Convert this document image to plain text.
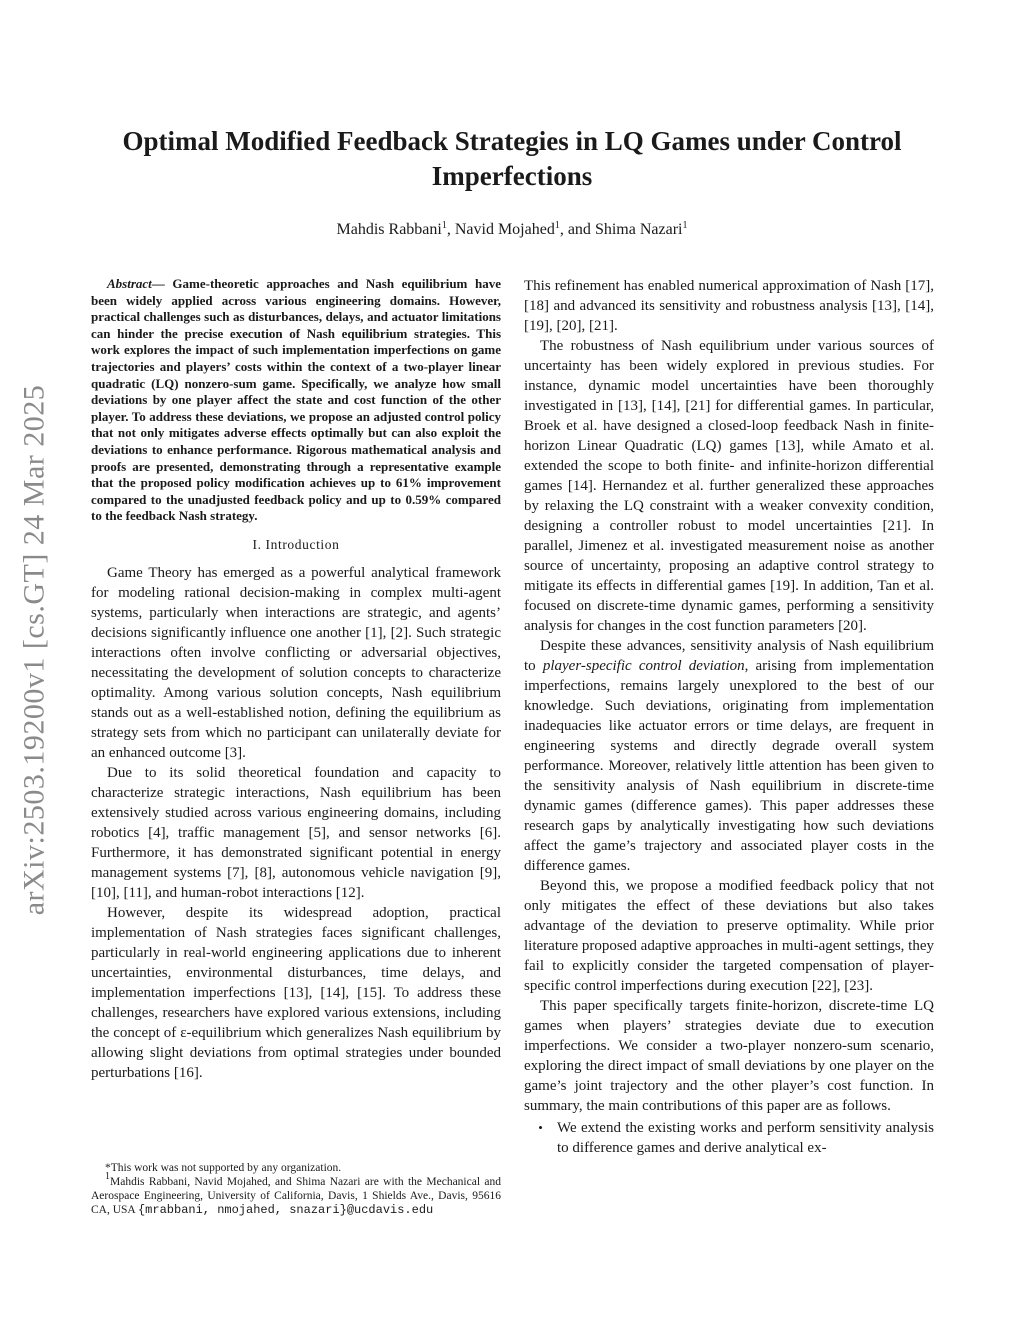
arXiv:2503.19200v1 [cs.GT] 24 Mar 2025
Optimal Modified Feedback Strategies in LQ Games under Control Imperfections
Mahdis Rabbani$^1$, Navid Mojahed$^1$, and Shima Nazari$^1$

Abstract— Game-theoretic approaches and Nash equilibrium have been widely applied across various engineering domains. However, practical challenges such as disturbances, delays, and actuator limitations can hinder the precise execution of Nash equilibrium strategies. This work explores the impact of such implementation imperfections on game trajectories and players’ costs within the context of a two-player linear quadratic (LQ) nonzero-sum game. Specifically, we analyze how small deviations by one player affect the state and cost function of the other player. To address these deviations, we propose an adjusted control policy that not only mitigates adverse effects optimally but can also exploit the deviations to enhance performance. Rigorous mathematical analysis and proofs are presented, demonstrating through a representative example that the proposed policy modification achieves up to 61% improvement compared to the unadjusted feedback policy and up to 0.59% compared to the feedback Nash strategy.

I. Introduction

Game Theory has emerged as a powerful analytical framework for modeling rational decision-making in complex multi-agent systems, particularly when interactions are strategic, and agents’ decisions significantly influence one another [1], [2]. Such strategic interactions often involve conflicting or adversarial objectives, necessitating the development of solution concepts to characterize optimality. Among various solution concepts, Nash equilibrium stands out as a well-established notion, defining the equilibrium as strategy sets from which no participant can unilaterally deviate for an enhanced outcome [3].

Due to its solid theoretical foundation and capacity to characterize strategic interactions, Nash equilibrium has been extensively studied across various engineering domains, including robotics [4], traffic management [5], and sensor networks [6]. Furthermore, it has demonstrated significant potential in energy management systems [7], [8], autonomous vehicle navigation [9], [10], [11], and human-robot interactions [12].

However, despite its widespread adoption, practical implementation of Nash strategies faces significant challenges, particularly in real-world engineering applications due to inherent uncertainties, environmental disturbances, time delays, and implementation imperfections [13], [14], [15]. To address these challenges, researchers have explored various extensions, including the concept of ε-equilibrium which generalizes Nash equilibrium by allowing slight deviations from optimal strategies under bounded perturbations [16].

*This work was not supported by any organization.

$^1$Mahdis Rabbani, Navid Mojahed, and Shima Nazari are with the Mechanical and Aerospace Engineering, University of California, Davis, 1 Shields Ave., Davis, 95616 CA, USA {mrabbani, nmojahed, snazari}@ucdavis.edu

This refinement has enabled numerical approximation of Nash [17], [18] and advanced its sensitivity and robustness analysis [13], [14], [19], [20], [21].

The robustness of Nash equilibrium under various sources of uncertainty has been widely explored in previous studies. For instance, dynamic model uncertainties have been thoroughly investigated in [13], [14], [21] for differential games. In particular, Broek et al. have designed a closed-loop feedback Nash in finite-horizon Linear Quadratic (LQ) games [13], while Amato et al. extended the scope to both finite- and infinite-horizon differential games [14]. Hernandez et al. further generalized these approaches by relaxing the LQ constraint with a weaker convexity condition, designing a controller robust to model uncertainties [21]. In parallel, Jimenez et al. investigated measurement noise as another source of uncertainty, proposing an adaptive control strategy to mitigate its effects in differential games [19]. In addition, Tan et al. focused on discrete-time dynamic games, performing a sensitivity analysis for changes in the cost function parameters [20].

Despite these advances, sensitivity analysis of Nash equilibrium to player-specific control deviation, arising from implementation imperfections, remains largely unexplored to the best of our knowledge. Such deviations, originating from implementation inadequacies like actuator errors or time delays, are frequent in engineering systems and directly degrade overall system performance. Moreover, relatively little attention has been given to the sensitivity analysis of Nash equilibrium in discrete-time dynamic games (difference games). This paper addresses these research gaps by analytically investigating how such deviations affect the game’s trajectory and associated player costs in the difference games.

Beyond this, we propose a modified feedback policy that not only mitigates the effect of these deviations but also takes advantage of the deviation to preserve optimality. While prior literature proposed adaptive approaches in multi-agent settings, they fail to explicitly consider the targeted compensation of player-specific control imperfections during execution [22], [23].

This paper specifically targets finite-horizon, discrete-time LQ games when players’ strategies deviate due to execution imperfections. We consider a two-player nonzero-sum scenario, exploring the direct impact of small deviations by one player on the game’s joint trajectory and the other player’s cost function. In summary, the main contributions of this paper are as follows.

• We extend the existing works and perform sensitivity analysis to difference games and derive analytical ex-
